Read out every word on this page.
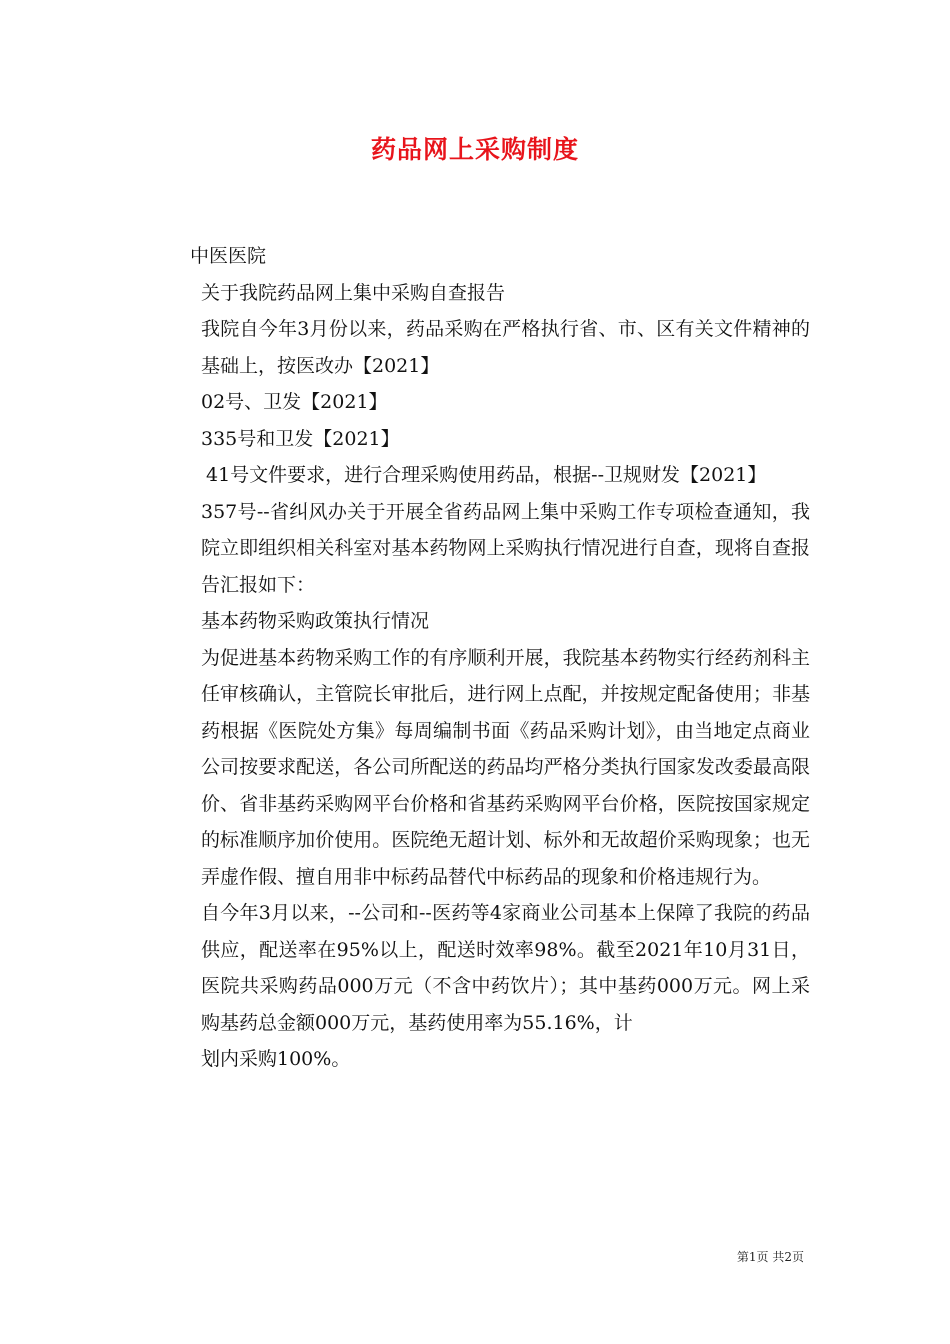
药品网上采购制度

中医医院

关于我院药品网上集中采购自查报告

我院自今年3月份以来，药品采购在严格执行省、市、区有关文件精神的基础上，按医改办【2021】

02号、卫发【2021】

335号和卫发【2021】

41号文件要求，进行合理采购使用药品，根据--卫规财发【2021】

357号--省纠风办关于开展全省药品网上集中采购工作专项检查通知，我院立即组织相关科室对基本药物网上采购执行情况进行自查，现将自查报告汇报如下：

基本药物采购政策执行情况

为促进基本药物采购工作的有序顺利开展，我院基本药物实行经药剂科主任审核确认，主管院长审批后，进行网上点配，并按规定配备使用；非基药根据《医院处方集》每周编制书面《药品采购计划》，由当地定点商业公司按要求配送，各公司所配送的药品均严格分类执行国家发改委最高限价、省非基药采购网平台价格和省基药采购网平台价格，医院按国家规定的标准顺序加价使用。医院绝无超计划、标外和无故超价采购现象；也无弄虚作假、擅自用非中标药品替代中标药品的现象和价格违规行为。

自今年3月以来，--公司和--医药等4家商业公司基本上保障了我院的药品供应，配送率在95%以上，配送时效率98%。截至2021年10月31日，医院共采购药品000万元（不含中药饮片）；其中基药000万元。网上采购基药总金额000万元，基药使用率为55.16%，计

划内采购100%。

第1页 共2页
